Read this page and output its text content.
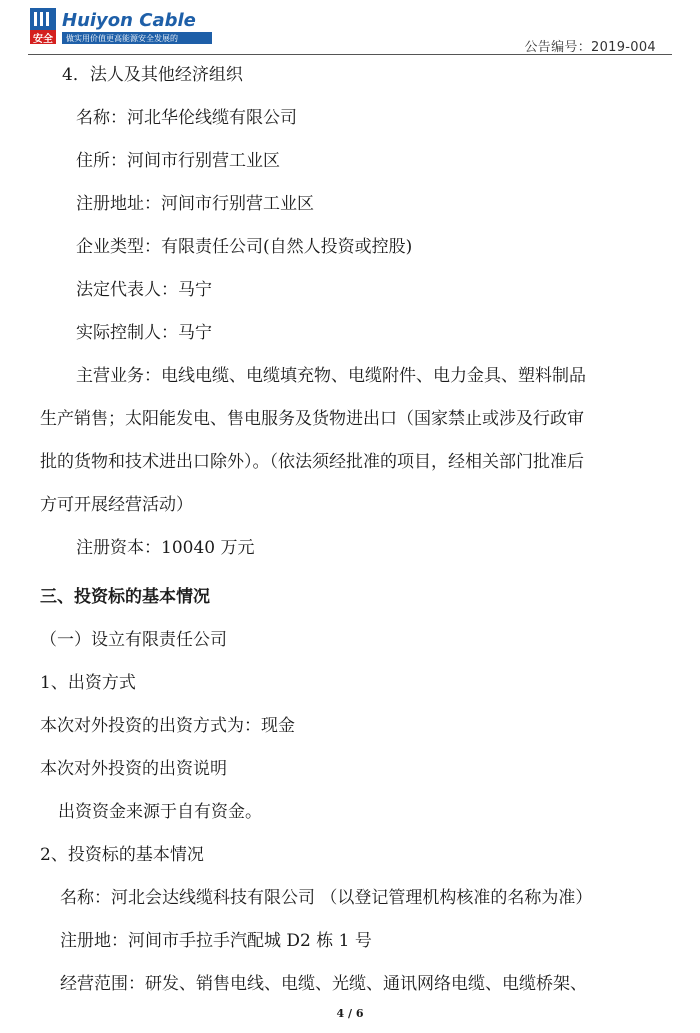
安全
Huiyon Cable
做实用价值更高能源安全发展的
公告编号：2019-004
4．法人及其他经济组织
名称：河北华伦线缆有限公司
住所：河间市行别营工业区
注册地址：河间市行别营工业区
企业类型：有限责任公司(自然人投资或控股)
法定代表人：马宁
实际控制人：马宁
主营业务：电线电缆、电缆填充物、电缆附件、电力金具、塑料制品
生产销售；太阳能发电、售电服务及货物进出口（国家禁止或涉及行政审
批的货物和技术进出口除外）。（依法须经批准的项目，经相关部门批准后
方可开展经营活动）
注册资本：10040 万元
三、投资标的基本情况
（一）设立有限责任公司
1、出资方式
本次对外投资的出资方式为：现金
本次对外投资的出资说明
出资资金来源于自有资金。
2、投资标的基本情况
名称：河北会达线缆科技有限公司 （以登记管理机构核准的名称为准）
注册地：河间市手拉手汽配城 D2 栋 1 号
经营范围：研发、销售电线、电缆、光缆、通讯网络电缆、电缆桥架、
4 / 6
